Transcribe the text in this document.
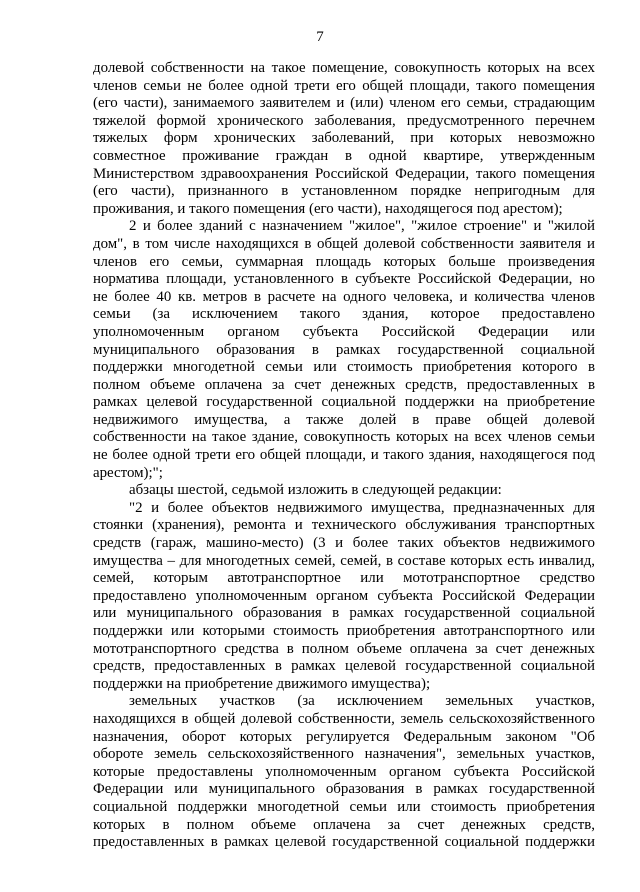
7
долевой собственности на такое помещение, совокупность которых на всех
членов семьи не более одной трети его общей площади, такого помещения
(его части), занимаемого заявителем и (или) членом его семьи, страдающим
тяжелой формой хронического заболевания, предусмотренного перечнем
тяжелых форм хронических заболеваний, при которых невозможно
совместное проживание граждан в одной квартире, утвержденным
Министерством здравоохранения Российской Федерации, такого помещения
(его части), признанного в установленном порядке непригодным для
проживания, и такого помещения (его части), находящегося под арестом);
2 и более зданий с назначением "жилое", "жилое строение" и "жилой
дом", в том числе находящихся в общей долевой собственности заявителя и
членов его семьи, суммарная площадь которых больше произведения
норматива площади, установленного в субъекте Российской Федерации, но
не более 40 кв. метров в расчете на одного человека, и количества членов
семьи (за исключением такого здания, которое предоставлено
уполномоченным органом субъекта Российской Федерации или
муниципального образования в рамках государственной социальной
поддержки многодетной семьи или стоимость приобретения которого в
полном объеме оплачена за счет денежных средств, предоставленных в
рамках целевой государственной социальной поддержки на приобретение
недвижимого имущества, а также долей в праве общей долевой
собственности на такое здание, совокупность которых на всех членов семьи
не более одной трети его общей площади, и такого здания, находящегося под
арестом);";
абзацы шестой, седьмой изложить в следующей редакции:
"2 и более объектов недвижимого имущества, предназначенных для
стоянки (хранения), ремонта и технического обслуживания транспортных
средств (гараж, машино-место) (3 и более таких объектов недвижимого
имущества – для многодетных семей, семей, в составе которых есть инвалид,
семей, которым автотранспортное или мототранспортное средство
предоставлено уполномоченным органом субъекта Российской Федерации
или муниципального образования в рамках государственной социальной
поддержки или которыми стоимость приобретения автотранспортного или
мототранспортного средства в полном объеме оплачена за счет денежных
средств, предоставленных в рамках целевой государственной социальной
поддержки на приобретение движимого имущества);
земельных участков (за исключением земельных участков,
находящихся в общей долевой собственности, земель сельскохозяйственного
назначения, оборот которых регулируется Федеральным законом "Об
обороте земель сельскохозяйственного назначения", земельных участков,
которые предоставлены уполномоченным органом субъекта Российской
Федерации или муниципального образования в рамках государственной
социальной поддержки многодетной семьи или стоимость приобретения
которых в полном объеме оплачена за счет денежных средств,
предоставленных в рамках целевой государственной социальной поддержки
